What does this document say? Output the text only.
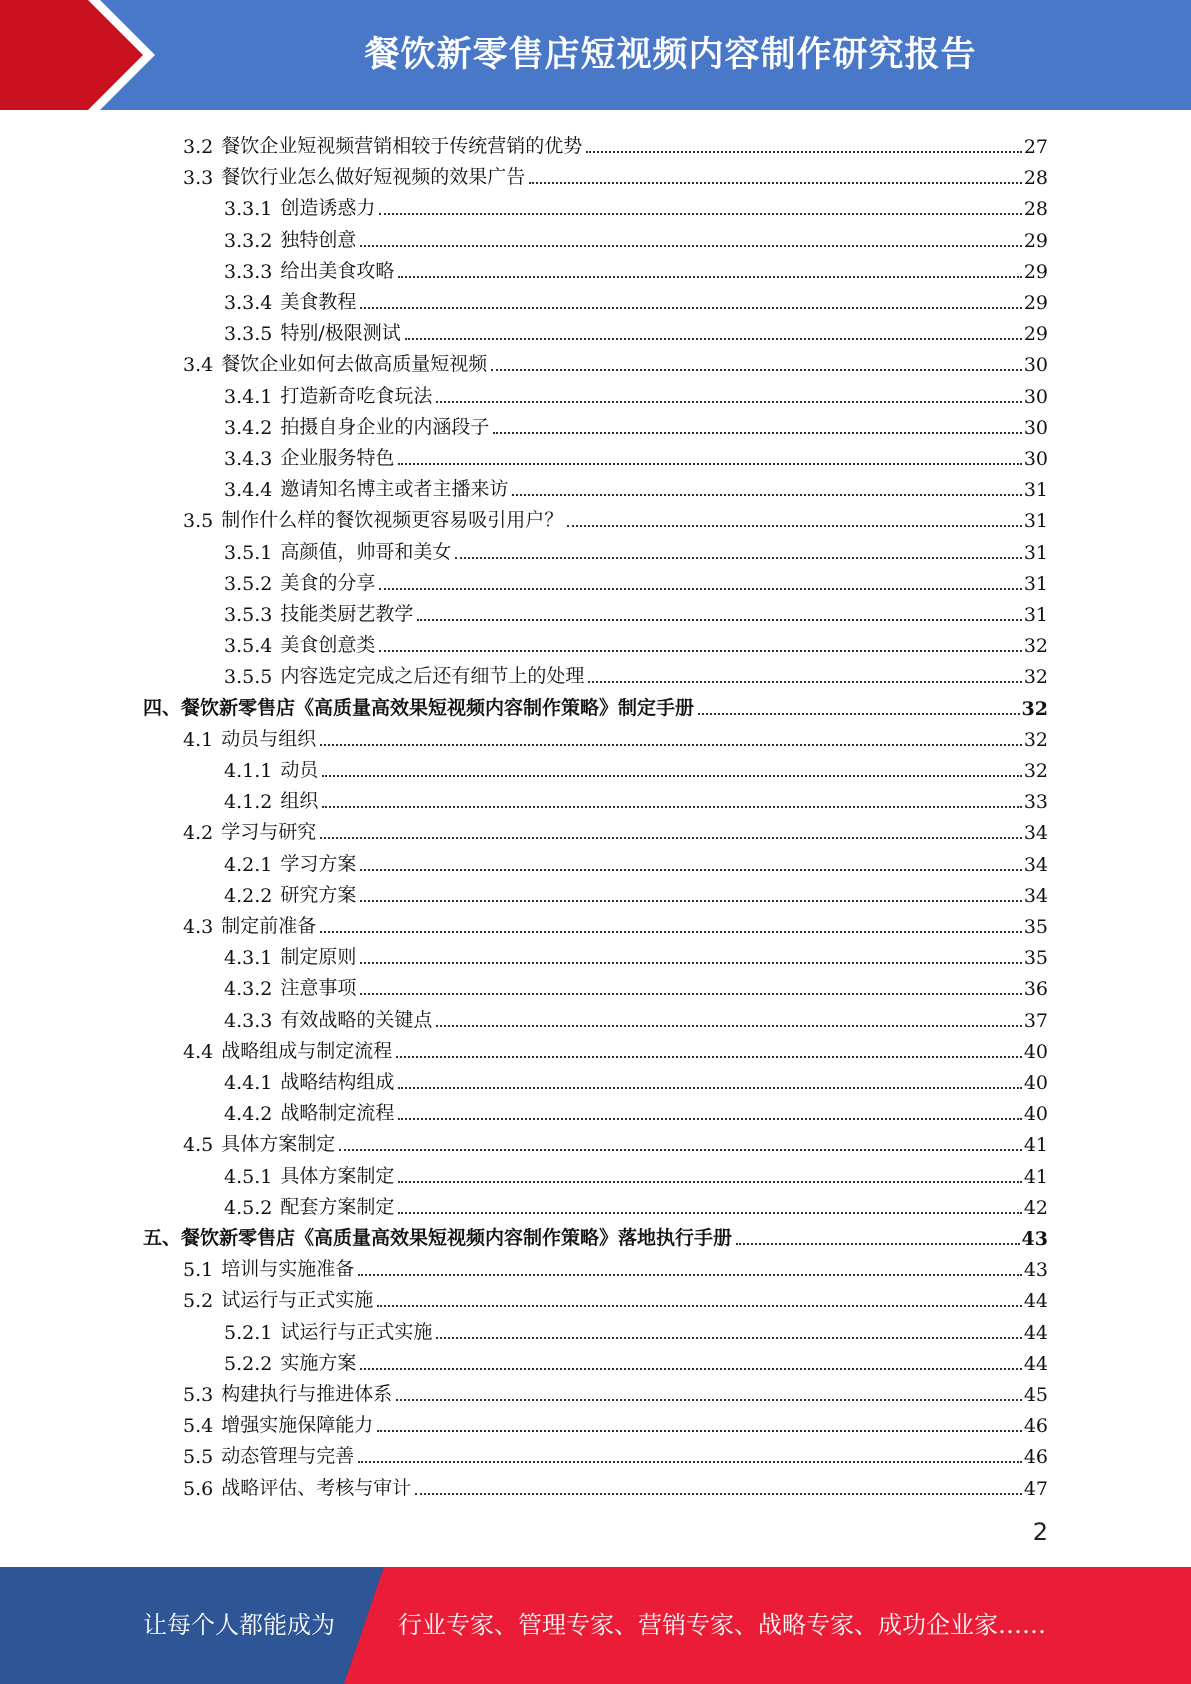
餐饮新零售店短视频内容制作研究报告
3.2 餐饮企业短视频营销相较于传统营销的优势	27
3.3 餐饮行业怎么做好短视频的效果广告	28
3.3.1 创造诱惑力	28
3.3.2 独特创意	29
3.3.3 给出美食攻略	29
3.3.4 美食教程	29
3.3.5 特别/极限测试	29
3.4 餐饮企业如何去做高质量短视频	30
3.4.1 打造新奇吃食玩法	30
3.4.2 拍摄自身企业的内涵段子	30
3.4.3 企业服务特色	30
3.4.4 邀请知名博主或者主播来访	31
3.5 制作什么样的餐饮视频更容易吸引用户？	31
3.5.1 高颜值，帅哥和美女	31
3.5.2 美食的分享	31
3.5.3 技能类厨艺教学	31
3.5.4 美食创意类	32
3.5.5 内容选定完成之后还有细节上的处理	32
四、 餐饮新零售店《高质量高效果短视频内容制作策略》制定手册	32
4.1 动员与组织	32
4.1.1 动员	32
4.1.2 组织	33
4.2 学习与研究	34
4.2.1 学习方案	34
4.2.2 研究方案	34
4.3 制定前准备	35
4.3.1 制定原则	35
4.3.2 注意事项	36
4.3.3 有效战略的关键点	37
4.4 战略组成与制定流程	40
4.4.1 战略结构组成	40
4.4.2 战略制定流程	40
4.5 具体方案制定	41
4.5.1 具体方案制定	41
4.5.2 配套方案制定	42
五、 餐饮新零售店《高质量高效果短视频内容制作策略》落地执行手册	43
5.1 培训与实施准备	43
5.2 试运行与正式实施	44
5.2.1 试运行与正式实施	44
5.2.2 实施方案	44
5.3 构建执行与推进体系	45
5.4 增强实施保障能力	46
5.5 动态管理与完善	46
5.6 战略评估、考核与审计	47
2
让每个人都能成为	行业专家、管理专家、营销专家、战略专家、成功企业家……
